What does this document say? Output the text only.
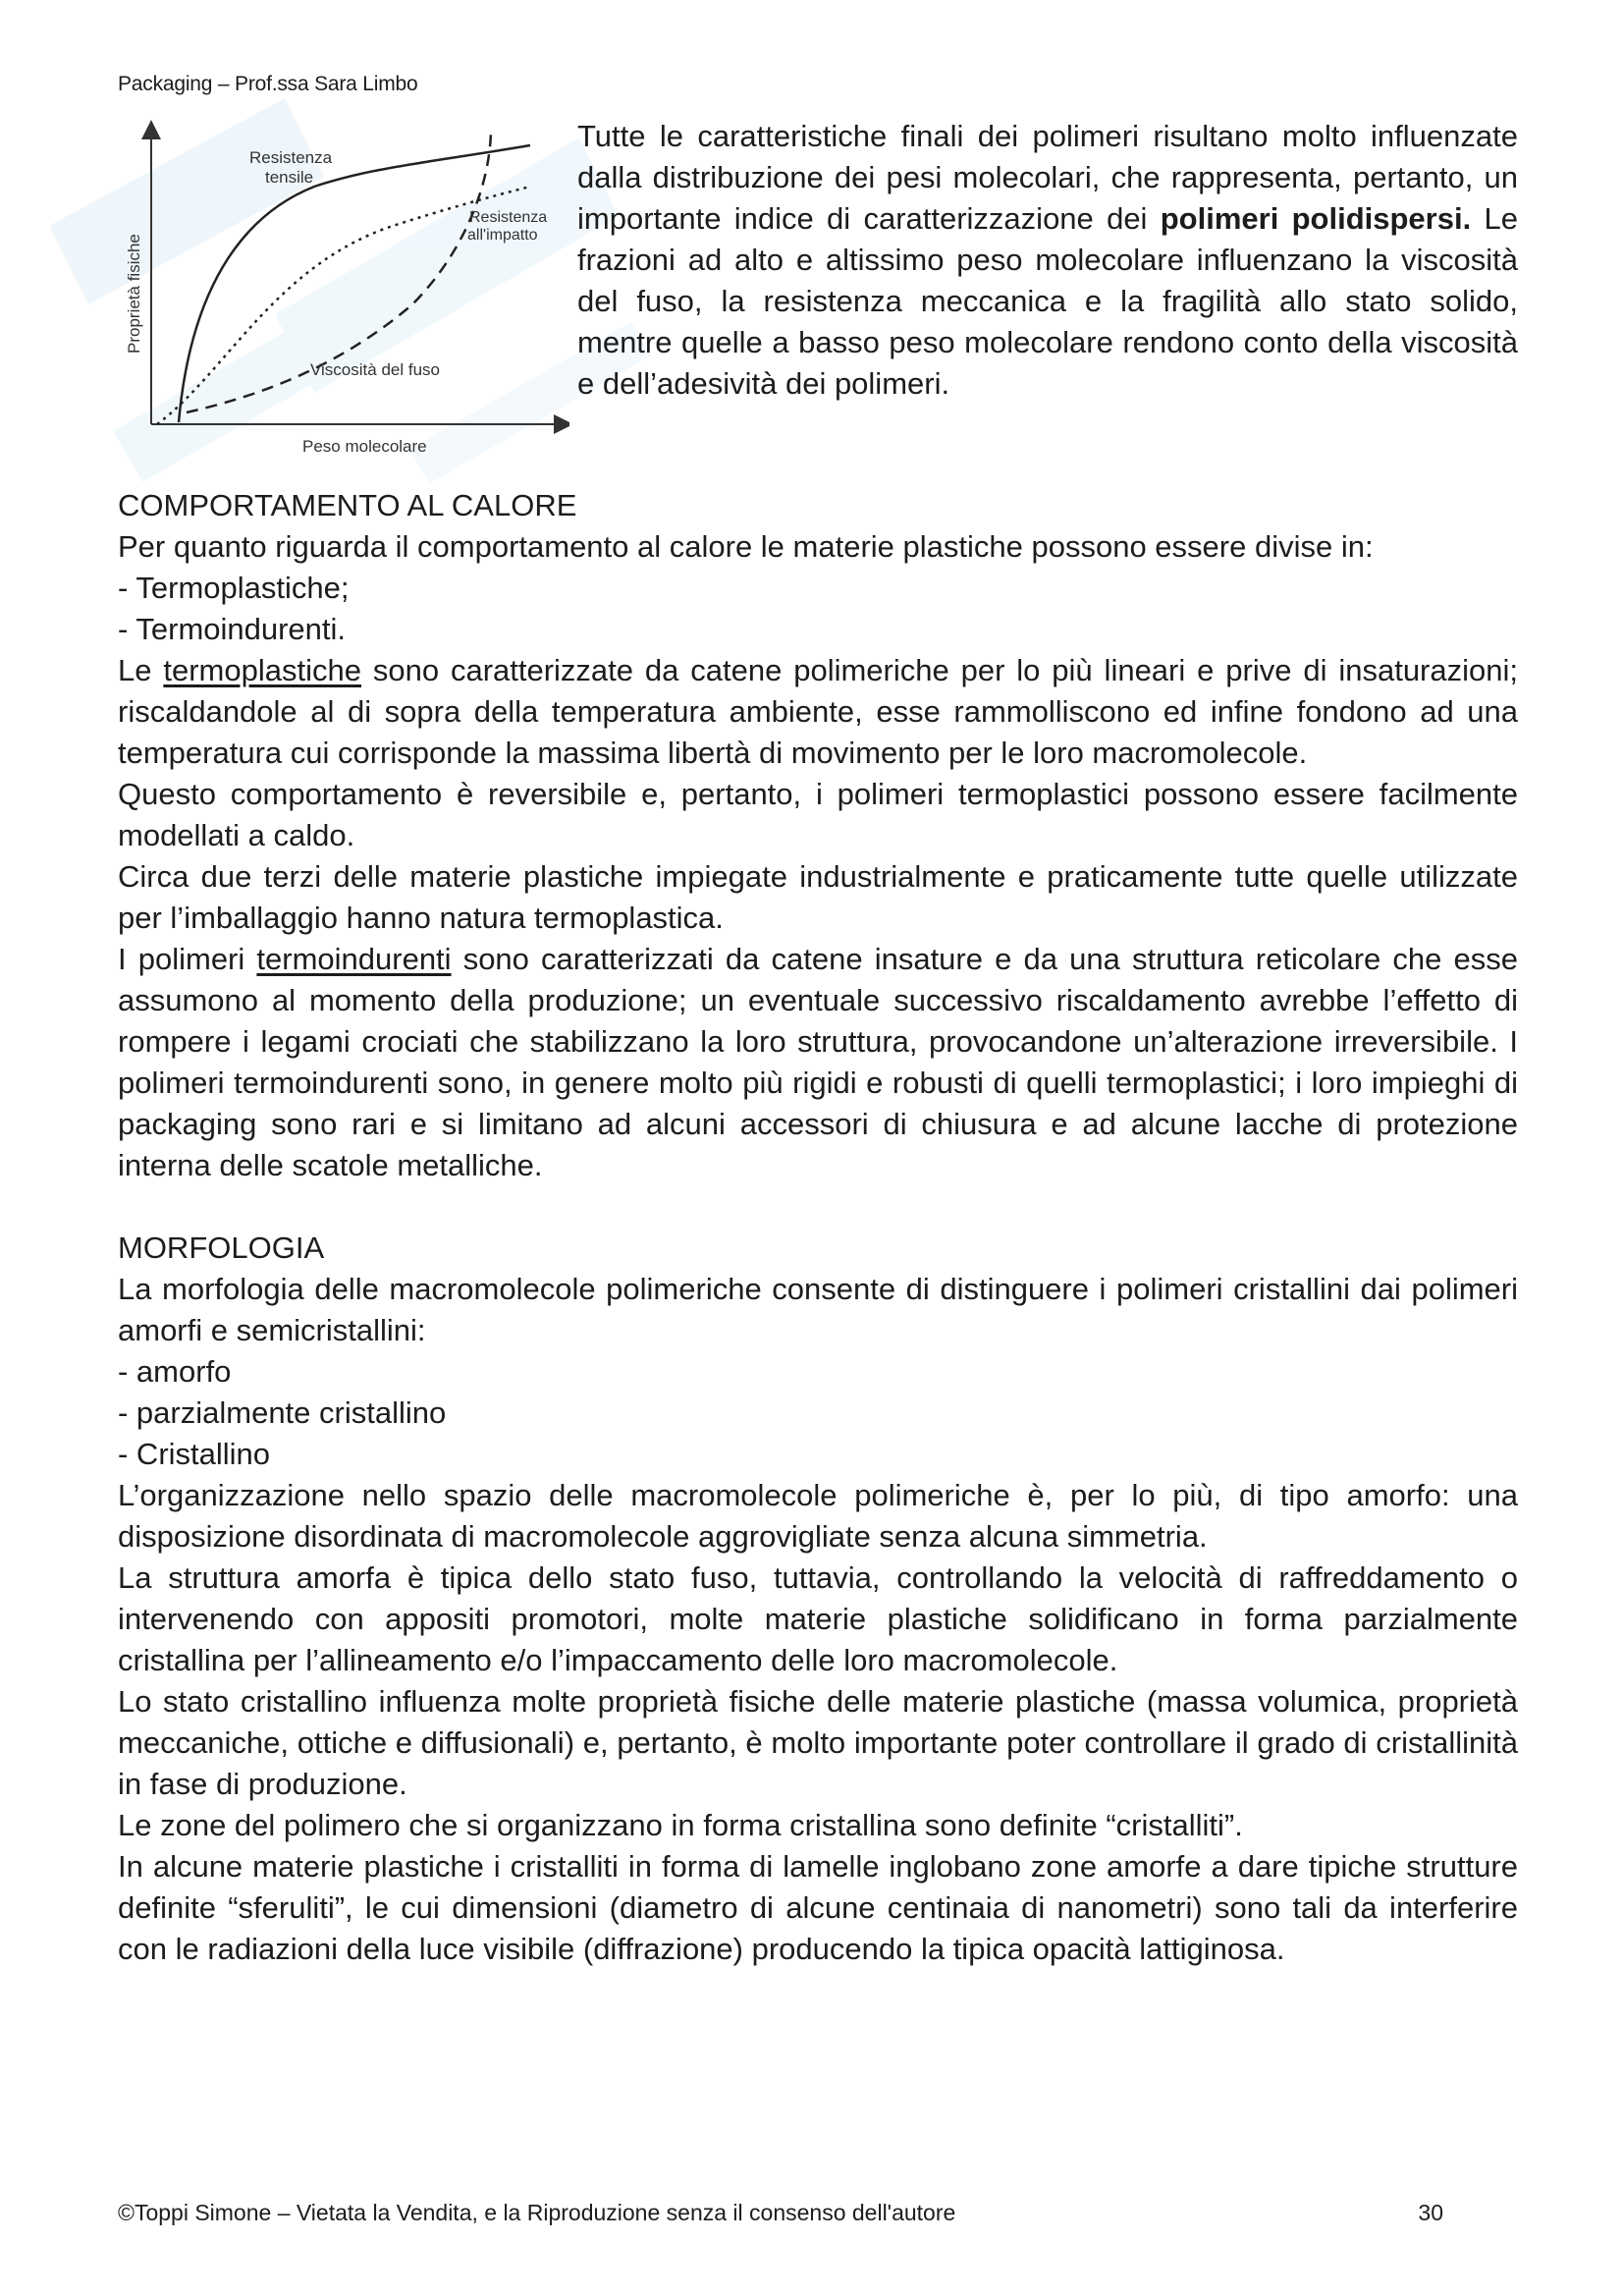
Packaging – Prof.ssa Sara Limbo
Resistenza
tensile
Resistenza
all'impatto
Viscosità del fuso
Peso molecolare
Proprietà fisiche
Tutte le caratteristiche finali dei polimeri risultano molto influenzate dalla distribuzione dei pesi molecolari, che rappresenta, pertanto, un importante indice di caratterizzazione dei polimeri polidispersi. Le frazioni ad alto e altissimo peso molecolare influenzano la viscosità del fuso, la resistenza meccanica e la fragilità allo stato solido, mentre quelle a basso peso molecolare rendono conto della viscosità e dell’adesività dei polimeri.
COMPORTAMENTO AL CALORE

Per quanto riguarda il comportamento al calore le materie plastiche possono essere divise in:

- Termoplastiche;
- Termoindurenti.

Le termoplastiche sono caratterizzate da catene polimeriche per lo più lineari e prive di insaturazioni; riscaldandole al di sopra della temperatura ambiente, esse rammolliscono ed infine fondono ad una temperatura cui corrisponde la massima libertà di movimento per le loro macromolecole.

Questo comportamento è reversibile e, pertanto, i polimeri termoplastici possono essere facilmente modellati a caldo.

Circa due terzi delle materie plastiche impiegate industrialmente e praticamente tutte quelle utilizzate per l’imballaggio hanno natura termoplastica.

I polimeri termoindurenti sono caratterizzati da catene insature e da una struttura reticolare che esse assumono al momento della produzione; un eventuale successivo riscaldamento avrebbe l’effetto di rompere i legami crociati che stabilizzano la loro struttura, provocandone un’alterazione irreversibile. I polimeri termoindurenti sono, in genere molto più rigidi e robusti di quelli termoplastici; i loro impieghi di packaging sono rari e si limitano ad alcuni accessori di chiusura e ad alcune lacche di protezione interna delle scatole metalliche.

MORFOLOGIA

La morfologia delle macromolecole polimeriche consente di distinguere i polimeri cristallini dai polimeri amorfi e semicristallini:

- amorfo
- parzialmente cristallino
- Cristallino

L’organizzazione nello spazio delle macromolecole polimeriche è, per lo più, di tipo amorfo: una disposizione disordinata di macromolecole aggrovigliate senza alcuna simmetria.

La struttura amorfa è tipica dello stato fuso, tuttavia, controllando la velocità di raffreddamento o intervenendo con appositi promotori, molte materie plastiche solidificano in forma parzialmente cristallina per l’allineamento e/o l’impaccamento delle loro macromolecole.

Lo stato cristallino influenza molte proprietà fisiche delle materie plastiche (massa volumica, proprietà meccaniche, ottiche e diffusionali) e, pertanto, è molto importante poter controllare il grado di cristallinità in fase di produzione.

Le zone del polimero che si organizzano in forma cristallina sono definite “cristalliti”.

In alcune materie plastiche i cristalliti in forma di lamelle inglobano zone amorfe a dare tipiche strutture definite “sferuliti”, le cui dimensioni (diametro di alcune centinaia di nanometri) sono tali da interferire con le radiazioni della luce visibile (diffrazione) producendo la tipica opacità lattiginosa.

©Toppi Simone – Vietata la Vendita, e la Riproduzione senza il consenso dell'autore	30
